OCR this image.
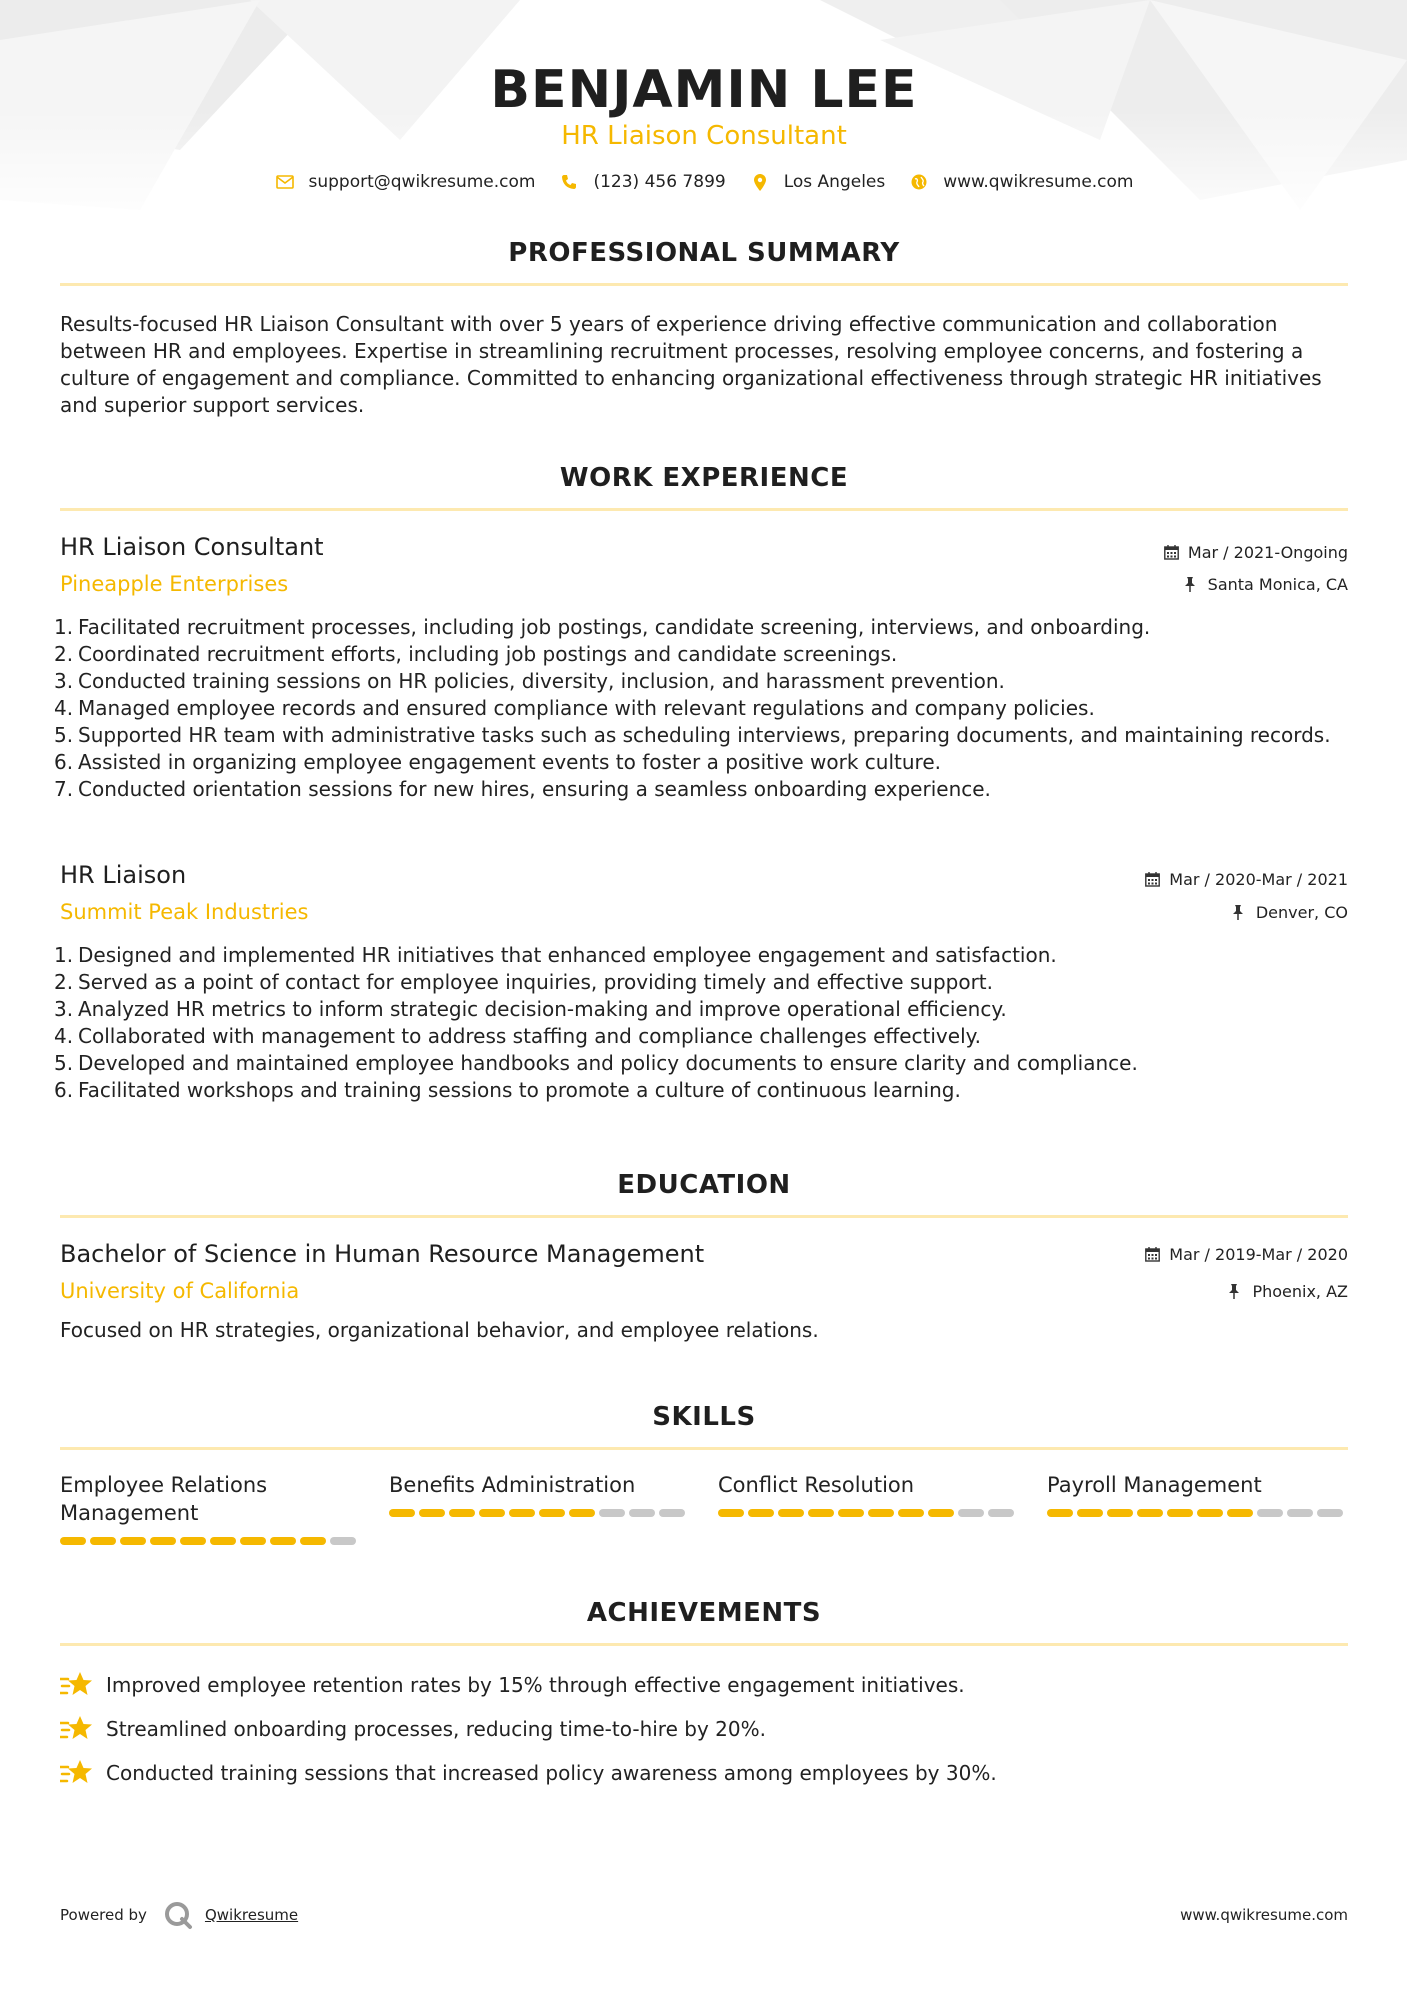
BENJAMIN LEE
HR Liaison Consultant
support@qwikresume.com	(123) 456 7899	Los Angeles	www.qwikresume.com
PROFESSIONAL SUMMARY
Results-focused HR Liaison Consultant with over 5 years of experience driving effective communication and collaboration between HR and employees. Expertise in streamlining recruitment processes, resolving employee concerns, and fostering a culture of engagement and compliance. Committed to enhancing organizational effectiveness through strategic HR initiatives and superior support services.
WORK EXPERIENCE
HR Liaison Consultant
Pineapple Enterprises
Mar / 2021-Ongoing
Santa Monica, CA
1. Facilitated recruitment processes, including job postings, candidate screening, interviews, and onboarding.
2. Coordinated recruitment efforts, including job postings and candidate screenings.
3. Conducted training sessions on HR policies, diversity, inclusion, and harassment prevention.
4. Managed employee records and ensured compliance with relevant regulations and company policies.
5. Supported HR team with administrative tasks such as scheduling interviews, preparing documents, and maintaining records.
6. Assisted in organizing employee engagement events to foster a positive work culture.
7. Conducted orientation sessions for new hires, ensuring a seamless onboarding experience.
HR Liaison
Summit Peak Industries
Mar / 2020-Mar / 2021
Denver, CO
1. Designed and implemented HR initiatives that enhanced employee engagement and satisfaction.
2. Served as a point of contact for employee inquiries, providing timely and effective support.
3. Analyzed HR metrics to inform strategic decision-making and improve operational efficiency.
4. Collaborated with management to address staffing and compliance challenges effectively.
5. Developed and maintained employee handbooks and policy documents to ensure clarity and compliance.
6. Facilitated workshops and training sessions to promote a culture of continuous learning.
EDUCATION
Bachelor of Science in Human Resource Management
University of California
Mar / 2019-Mar / 2020
Phoenix, AZ
Focused on HR strategies, organizational behavior, and employee relations.
SKILLS
Employee Relations Management
Benefits Administration	Conflict Resolution	Payroll Management
ACHIEVEMENTS
Improved employee retention rates by 15% through effective engagement initiatives.
Streamlined onboarding processes, reducing time-to-hire by 20%.
Conducted training sessions that increased policy awareness among employees by 30%.
Powered by	Qwikresume	www.qwikresume.com
